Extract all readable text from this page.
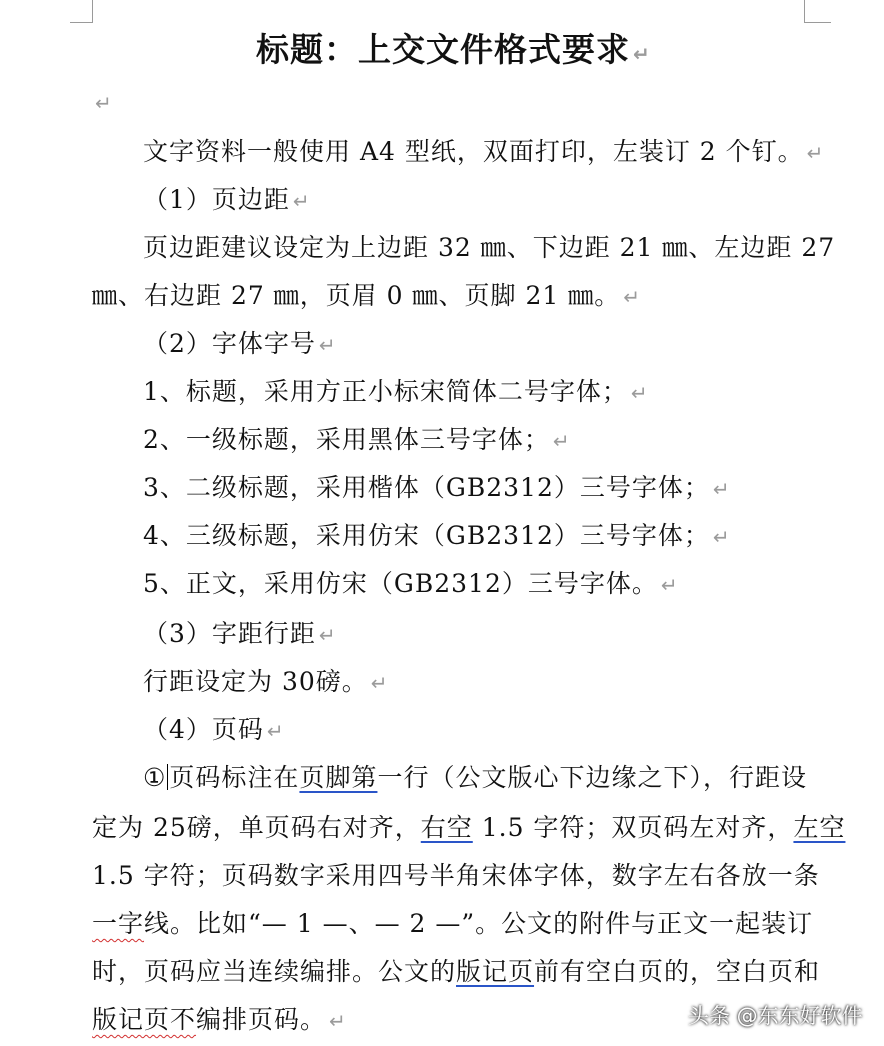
标题：上交文件格式要求 ↵
↵
文字资料一般使用 A4 型纸，双面打印，左装订 2 个钉。 ↵
（1）页边距 ↵
页边距建议设定为上边距 32 ㎜、下边距 21 ㎜、左边距 27
㎜、右边距 27 ㎜，页眉 0 ㎜、页脚 21 ㎜。 ↵
（2）字体字号 ↵
1、标题，采用方正小标宋简体二号字体； ↵
2、一级标题，采用黑体三号字体； ↵
3、二级标题，采用楷体（GB2312）三号字体； ↵
4、三级标题，采用仿宋（GB2312）三号字体； ↵
5、正文，采用仿宋（GB2312）三号字体。 ↵
（3）字距行距 ↵
行距设定为 30磅。 ↵
（4）页码 ↵
① 页码标注在页脚第一行（公文版心下边缘之下），行距设
定为 25磅，单页码右对齐，右空 1.5 字符；双页码左对齐，左空
1.5 字符；页码数字采用四号半角宋体字体，数字左右各放一条
一字线。比如“— 1 —、— 2 —”。公文的附件与正文一起装订
时，页码应当连续编排。公文的版记页前有空白页的，空白页和
版记页不编排页码。 ↵	头条 @东东好软件
